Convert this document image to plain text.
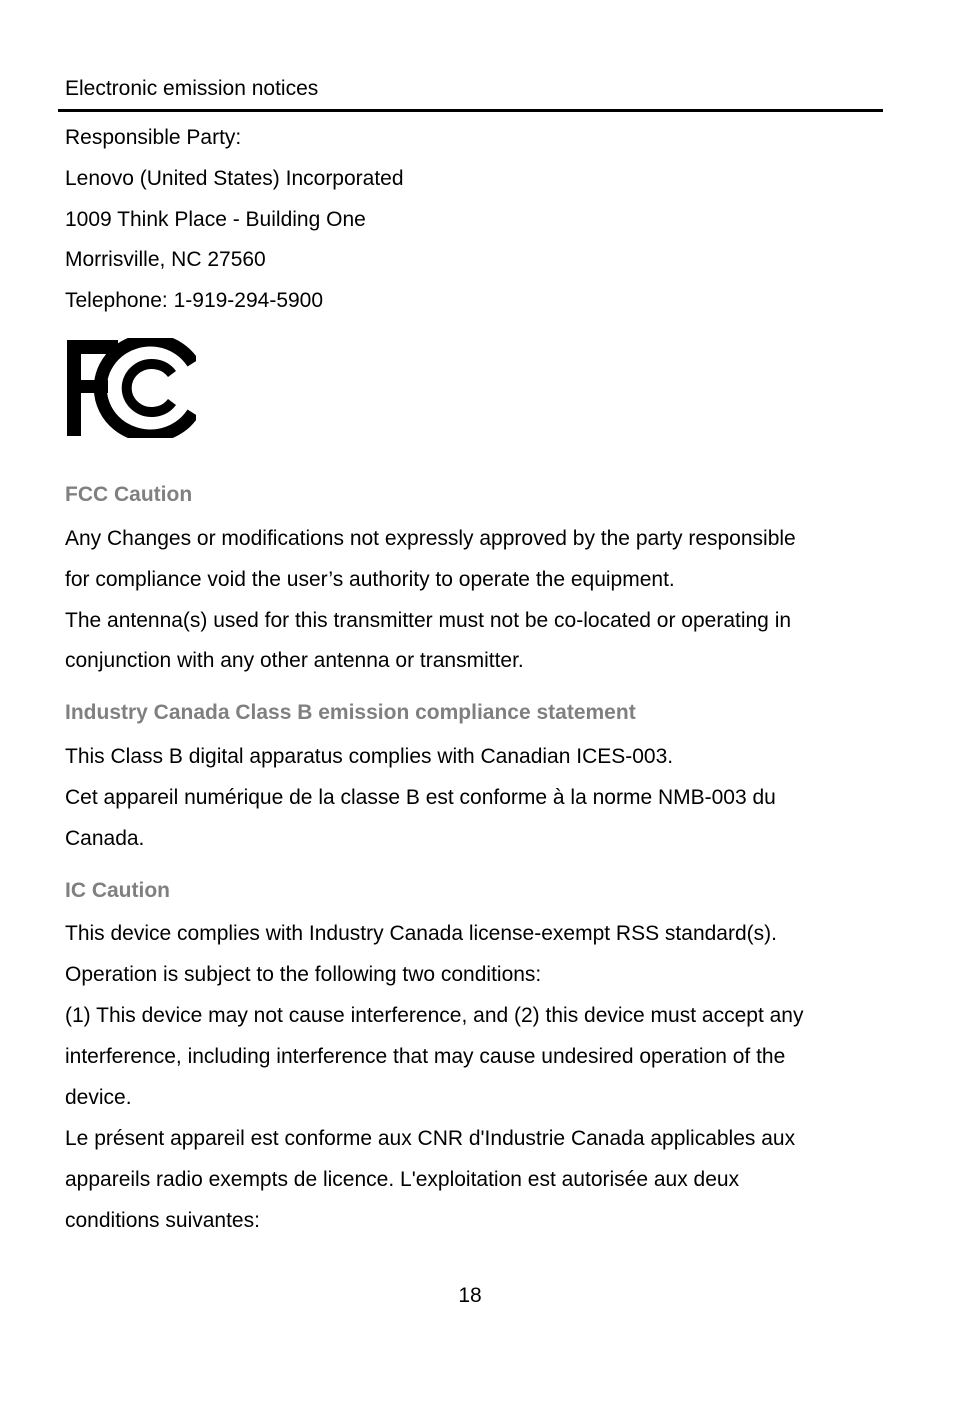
Electronic emission notices
Responsible Party:
Lenovo (United States) Incorporated
1009 Think Place - Building One
Morrisville, NC 27560
Telephone: 1-919-294-5900
FCC Caution
Any Changes or modifications not expressly approved by the party responsible
for compliance void the user’s authority to operate the equipment.
The antenna(s) used for this transmitter must not be co-located or operating in
conjunction with any other antenna or transmitter.
Industry Canada Class B emission compliance statement
This Class B digital apparatus complies with Canadian ICES-003.
Cet appareil numérique de la classe B est conforme à la norme NMB-003 du
Canada.
IC Caution
This device complies with Industry Canada license-exempt RSS standard(s).
Operation is subject to the following two conditions:
(1) This device may not cause interference, and (2) this device must accept any
interference, including interference that may cause undesired operation of the
device.
Le présent appareil est conforme aux CNR d'Industrie Canada applicables aux
appareils radio exempts de licence. L'exploitation est autorisée aux deux
conditions suivantes:
18
